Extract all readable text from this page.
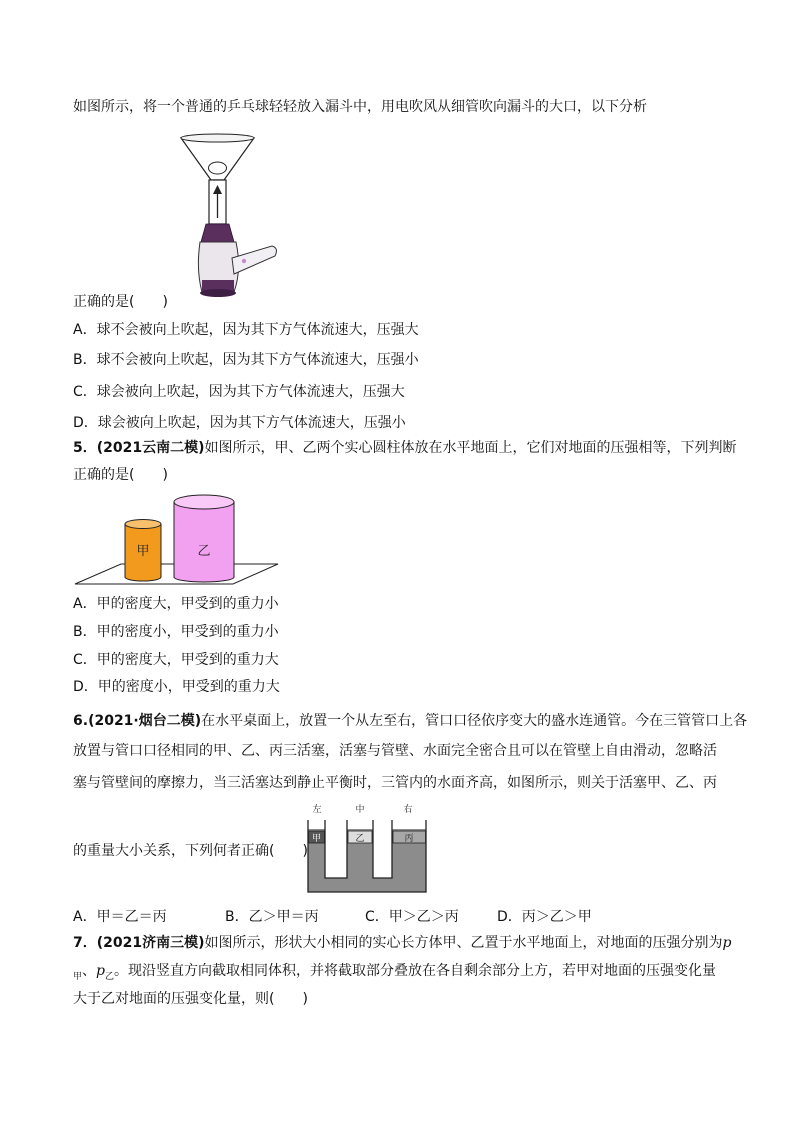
如图所示，将一个普通的乒乓球轻轻放入漏斗中，用电吹风从细管吹向漏斗的大口，以下分析
正确的是(　　)
A．球不会被向上吹起，因为其下方气体流速大，压强大
B．球不会被向上吹起，因为其下方气体流速大，压强小
C．球会被向上吹起，因为其下方气体流速大，压强大
D．球会被向上吹起，因为其下方气体流速大，压强小
5．(2021云南二模)如图所示，甲、乙两个实心圆柱体放在水平地面上，它们对地面的压强相等，下列判断
正确的是(　　)
甲	乙
A．甲的密度大，甲受到的重力小
B．甲的密度小，甲受到的重力小
C．甲的密度大，甲受到的重力大
D．甲的密度小，甲受到的重力大
6.(2021·烟台二模)在水平桌面上，放置一个从左至右，管口口径依序变大的盛水连通管。今在三管管口上各
放置与管口口径相同的甲、乙、丙三活塞，活塞与管壁、水面完全密合且可以在管壁上自由滑动，忽略活
塞与管壁间的摩擦力，当三活塞达到静止平衡时，三管内的水面齐高，如图所示，则关于活塞甲、乙、丙
左	中	右
甲	乙	丙
的重量大小关系，下列何者正确(　　)
A．甲＝乙＝丙	B．乙＞甲＝丙	C．甲＞乙＞丙	D．丙＞乙＞甲
7．(2021济南三模)如图所示，形状大小相同的实心长方体甲、乙置于水平地面上，对地面的压强分别为p
$_甲$、$p_乙$。现沿竖直方向截取相同体积，并将截取部分叠放在各自剩余部分上方，若甲对地面的压强变化量
大于乙对地面的压强变化量，则(　　)
